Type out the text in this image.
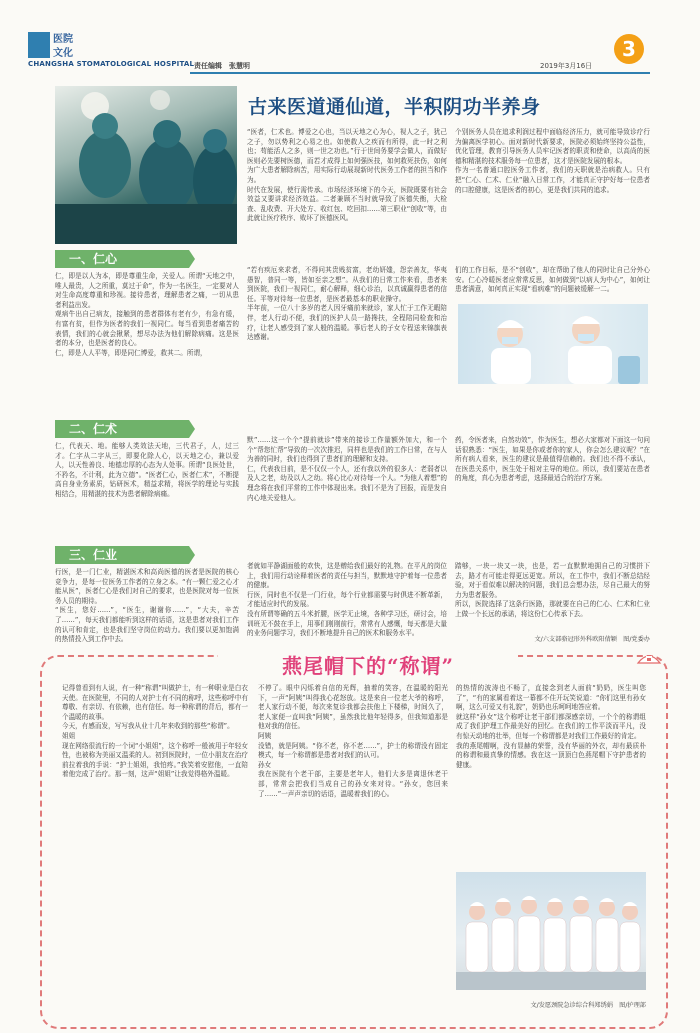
医院
文化
CHANGSHA STOMATOLOGICAL HOSPITAL 责任编辑　张慧明	2019年3月16日
3
古来医道通仙道，半积阴功半养身
“医者，仁术也。博爱之心也，当以天地之心为心，视人之子，犹己之子，勿以势利之心易之也。如使救人之疾而有所得，此一时之利也；苟能活人之多，则一世之功也。”行于世间务要学会做人，而做好医则必先要树医德，而若才成得上如何强医技，如何救死扶伤，如何为广大患者解除病苦，用实际行动展现新时代医务工作者的担当和作为。
时代在发展，使行需传承。市场经济环境下的今天，医院既要有社会效益又要讲求经济效益。二者兼顾不当时就导致了医德失衡，大检查、乱收费、开大处方、收红包、吃回扣……第三职业“创收”等，由此就让医疗秩序、败坏了医德医风。
个别医务人员在追求利润过程中面临经济压力，就可能导致诊疗行为偏离医学初心。面对新时代新要求，医院必须始终坚持公益性，优化管理，教育引导医务人员牢记医者的职责和使命，以高尚的医德和精湛的技术服务每一位患者，这才是医院发展的根本。
作为一名普通口腔医务工作者，我们的天职就是治病救人。只有把“仁心、仁术、仁业”融入日常工作，才能真正守护好每一位患者的口腔健康，这是医者的初心，更是我们共同的追求。
一、仁心
仁，即是以人为本，即是尊重生命，关爱人。所谓“天地之中，唯人最贵，人之所重，莫过于命”，作为一名医生，一定要对人对生命高度尊重和珍视。接待患者，理解患者之痛，一切从患者利益出发。
观病牛出自己病友，接触到的患者群体有老有少，有急有缓，有富有贫，但作为医者的我们一视同仁。每当看到患者痛苦的表情，我们的心就会揪紧，想尽办法为他们解除病痛。这是医者的本分，也是医者的良心。
仁，即是人人平等，即是同仁博爱，救其二。所谓，
“若有疾厄来求者，不得问其贵贱贫富，老幼妍媸，怨亲善友，华夷愚智，普同一等，皆如至亲之想”。从我们的日常工作来看，患者来到医院，我们一视同仁，耐心解释，细心诊治，以真诚赢得患者的信任。平等对待每一位患者，是医者最基本的职业操守。
半年前，一位八十多岁的老人因牙痛前来就诊，家人忙于工作无暇陪伴，老人行动不便，我们的医护人员一路搀扶，全程陪同检查和治疗，让老人感受到了家人般的温暖。事后老人的子女专程送来锦旗表达感谢。
们的工作目标，是不“创收”，却在帮助了他人的同时让自己分外心安。仁心冷暖医者应常常反思，如何做到“以病人为中心”，如何让患者满意，如何真正实现“看病难”的问题被缓解一二。
二、仁术
仁，代表天、地。能够人类效法天地，三代君子，人，过三才。仁字从二字从三，即要化除人心，以天地之心，兼以爱人，以天性善良、地德忠厚的心态为人处事。所谓“良医处世，不矜名，不计利，此为立德”。“医者仁心，医者仁术”，不断提高自身业务素质，钻研医术，精益求精，将医学的理论与实践相结合，用精湛的技术为患者解除病痛。
默”……这一个个“提前就诊”带来的接诊工作量额外加大，和一个个“帮您忙帮”导致的一次次推迟，同样也是我们的工作日常，在与人为善的同时，我们也得到了患者们的理解和支持。
仁，代表我目前，是不仅仅一个人，还有我以外的很多人：老弱者以及人之老，幼及以人之幼。将心比心对待每一个人。“为他人着想”的理念将在我们平常的工作中体现出来。我们不是为了回报，而是发自内心地关爱他人。
药，令医者来，自然功效”，作为医生，想必大家都对下面这一句问话很熟悉：“医生，如果是你或者你的家人，你会怎么建议呢？”在所有病人看来，医生的建议是最值得信赖的。我们也不得不承认，在医患关系中，医生处于相对主导的地位。所以，我们要站在患者的角度，真心为患者考虑，选择最适合的治疗方案。
三、仁业
行医，是一门仁业，精湛医术和高尚医德的医者是医院的核心竞争力，是每一位医务工作者的立身之本。“有一颗仁爱之心才能从医”，医者仁心是我们对自己的要求，也是医院对每一位医务人员的期待。
“医生，您好……”，“医生，谢谢你……”，“大夫，辛苦了……”，每天我们都能听到这样的话语，这是患者对我们工作的认可和肯定，也是我们坚守岗位的动力。我们要以更加饱满的热情投入到工作中去。
者就如平静湖面般的欢快，这是赠给我们最好的礼物。在平凡的岗位上，我们用行动诠释着医者的责任与担当，默默地守护着每一位患者的健康。
行医，同时也不仅是一门行业，每个行业都需要与时俱进不断革新，才能适应时代的发展。
没有所谓等确的五斗米折腰，医学无止境，各种学习还，研讨会，培训班无不鼓在手上，用事们刚刚前行，常常有人感慨，每天都是大量的业务问题学习，我们不断地提升自己的医术和服务水平。
踏够，一块一块又一块，也是，若一直默默地拥自己的习惯拼下去，路才有可能走得更远更宽。所以，在工作中，我们不断总结经验，对于看似难以解决的问题，我们总会想办法，尽自己最大的努力为患者服务。
所以，医院选择了这条行医路，那就要在自己的仁心、仁术和仁业上做一个长远的承诺，将这份仁心传承下去。
文/六支部骆冠形外科欧阳倩颖　图/党委办
燕尾帽下的“称谓”
记得曾看到有人说，有一种“称谓”叫做护士，有一种职业是白衣天使。在医院里，不同的人对护士有不同的称呼，这些称呼中有尊敬、有亲切、有依赖，也有信任。每一种称谓的背后，都有一个温暖的故事。
今天，有感而发，写写我从业十几年来收到的那些“称谓”。
姐姐
现在网络很流行的一个词“小姐姐”，这个称呼一般被用于年轻女性，也被称为美丽又温柔的人。初到医院时，一位小朋友在治疗前拉着我的手说：“护士姐姐，我怕疼。”我笑着安慰他，一直陪着他完成了治疗。那一刻，这声“姐姐”让我觉得格外温暖。
不停了。眼中闪烁着自信的光辉，抽着的笑容，在温暖的阳光下，一声“阿姨”叫得我心花怒放。这是来自一位老大爷的称呼，老人家行动不便，每次来复诊我都会扶他上下楼梯，时间久了，老人家便一直叫我“阿姨”，虽然我比他年轻得多，但我知道那是他对我的信任。
阿姨
没错，就是阿姨。“你不老，你不老……”，护士的称谓没有固定模式，每一个称谓都是患者对我们的认可。
孙女
我在医院有个老干部，主要是老年人，他们大多是离退休老干部，常常会把我们当成自己的孙女来对待。“孙女，您回来了……”一声声亲切的话语，温暖着我们的心。
的热情的波涛也不畅了，直接念到老人面前“奶奶，医生叫您了”，“有的家属看着这一幕都不住开玩笑说道：“你们这里有孙女啊，这么可爱又有礼貌”，奶奶也乐呵呵地答应着。
就这样“孙女”这个称呼让老干部们都深感亲切，一个个的称谓组成了我们护理工作最美好的回忆。在我们的工作平淡而平凡，没有惊天动地的壮举，但每一个称谓都是对我们工作最好的肯定。
我的燕尾帽啊，没有显赫的荣誉，没有华丽的外衣，却有最质朴的称谓和最真挚的情感。我在这一顶顶白色燕尾帽下守护患者的健康。
文/发愿颈院急诊综合科郑绣娟　图/护理部
